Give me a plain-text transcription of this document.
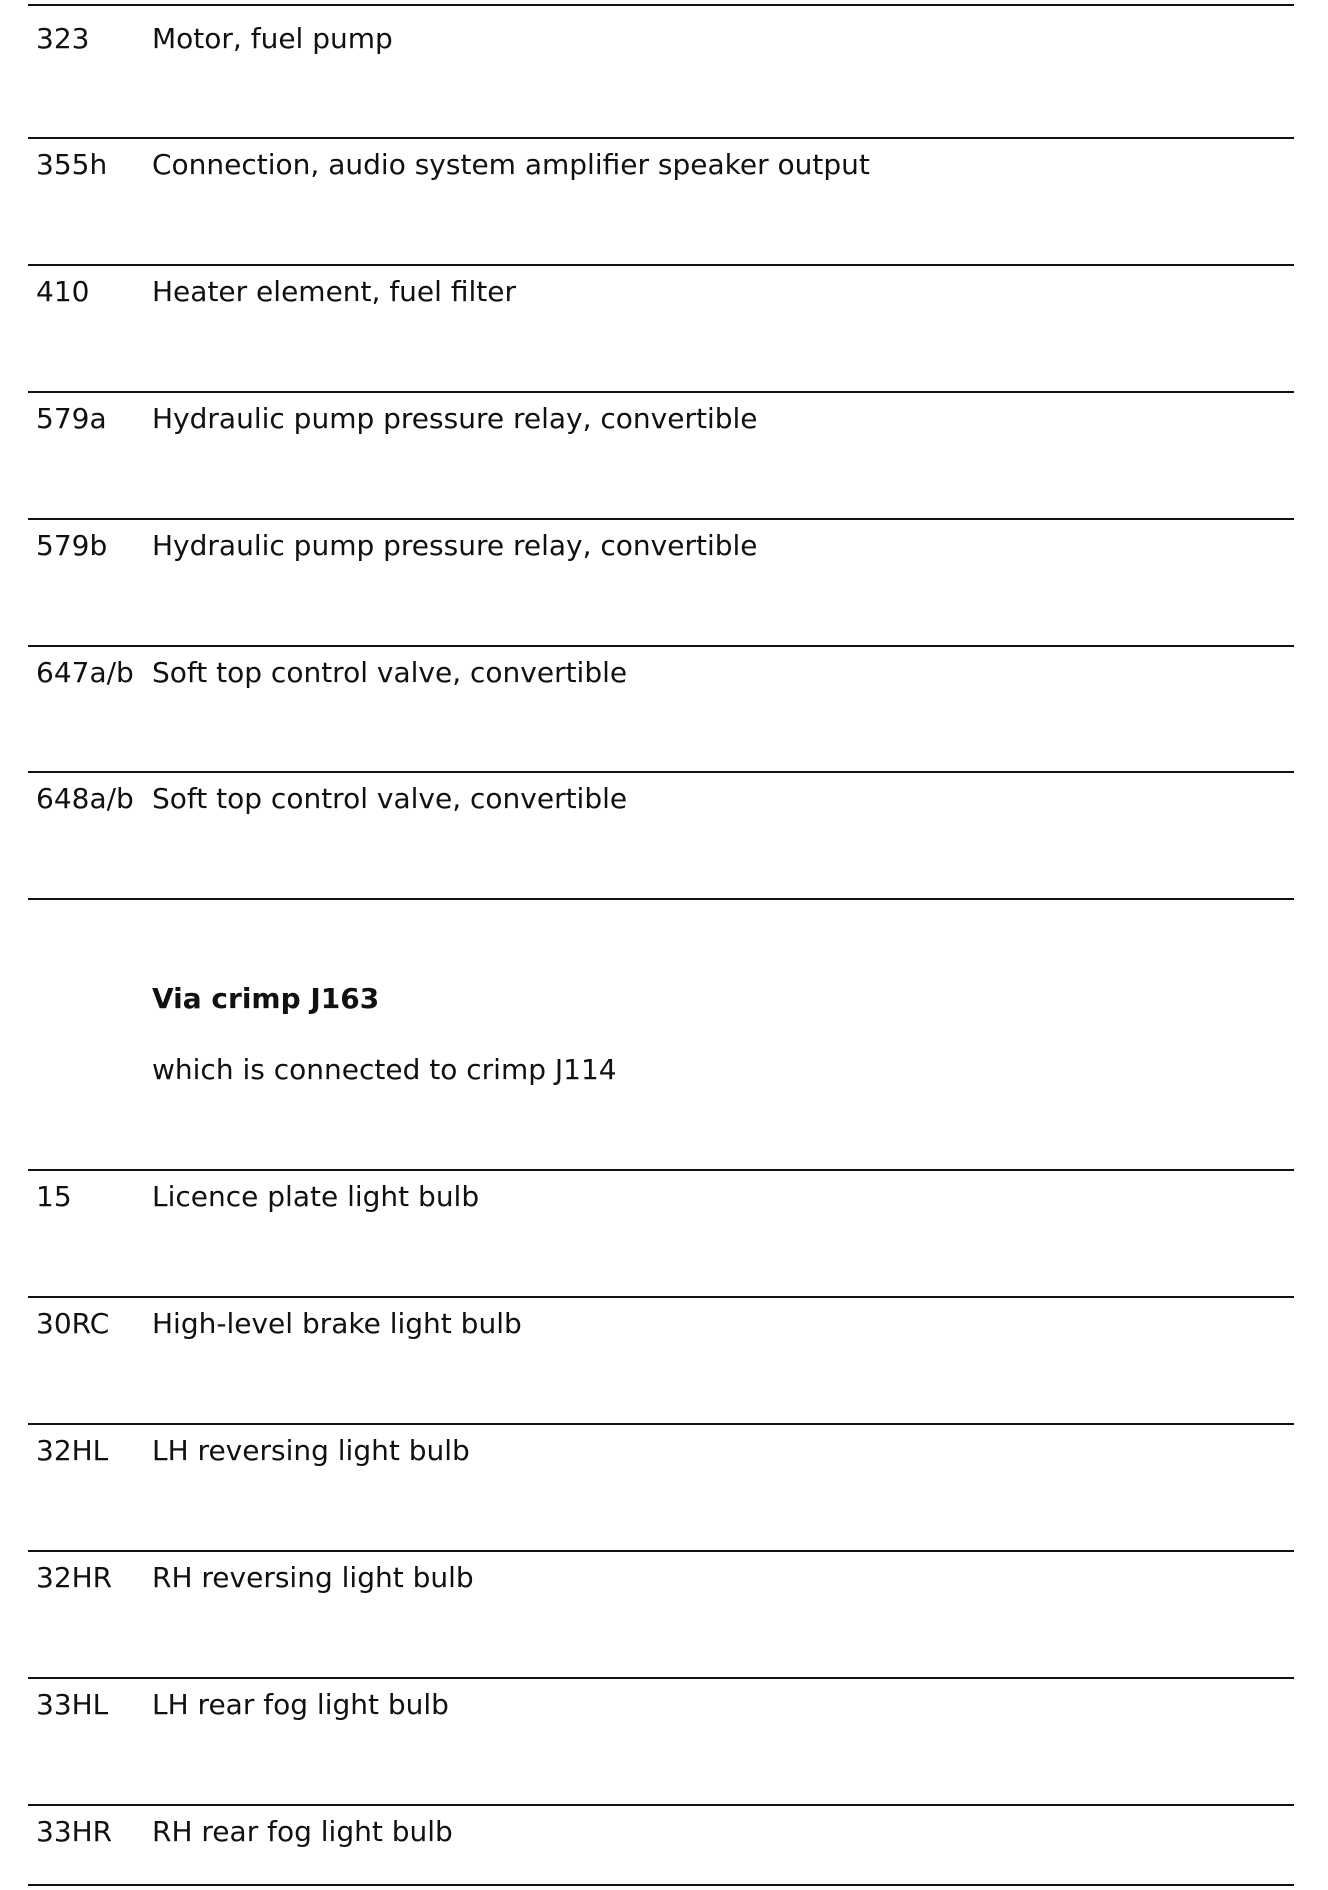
323 Motor, fuel pump
355h Connection, audio system amplifier speaker output
410 Heater element, fuel filter
579a Hydraulic pump pressure relay, convertible
579b Hydraulic pump pressure relay, convertible
647a/b Soft top control valve, convertible
648a/b Soft top control valve, convertible
Via crimp J163
which is connected to crimp J114
15	Licence plate light bulb
30RC High-level brake light bulb
32HL LH reversing light bulb
32HR RH reversing light bulb
33HL LH rear fog light bulb
33HR RH rear fog light bulb
